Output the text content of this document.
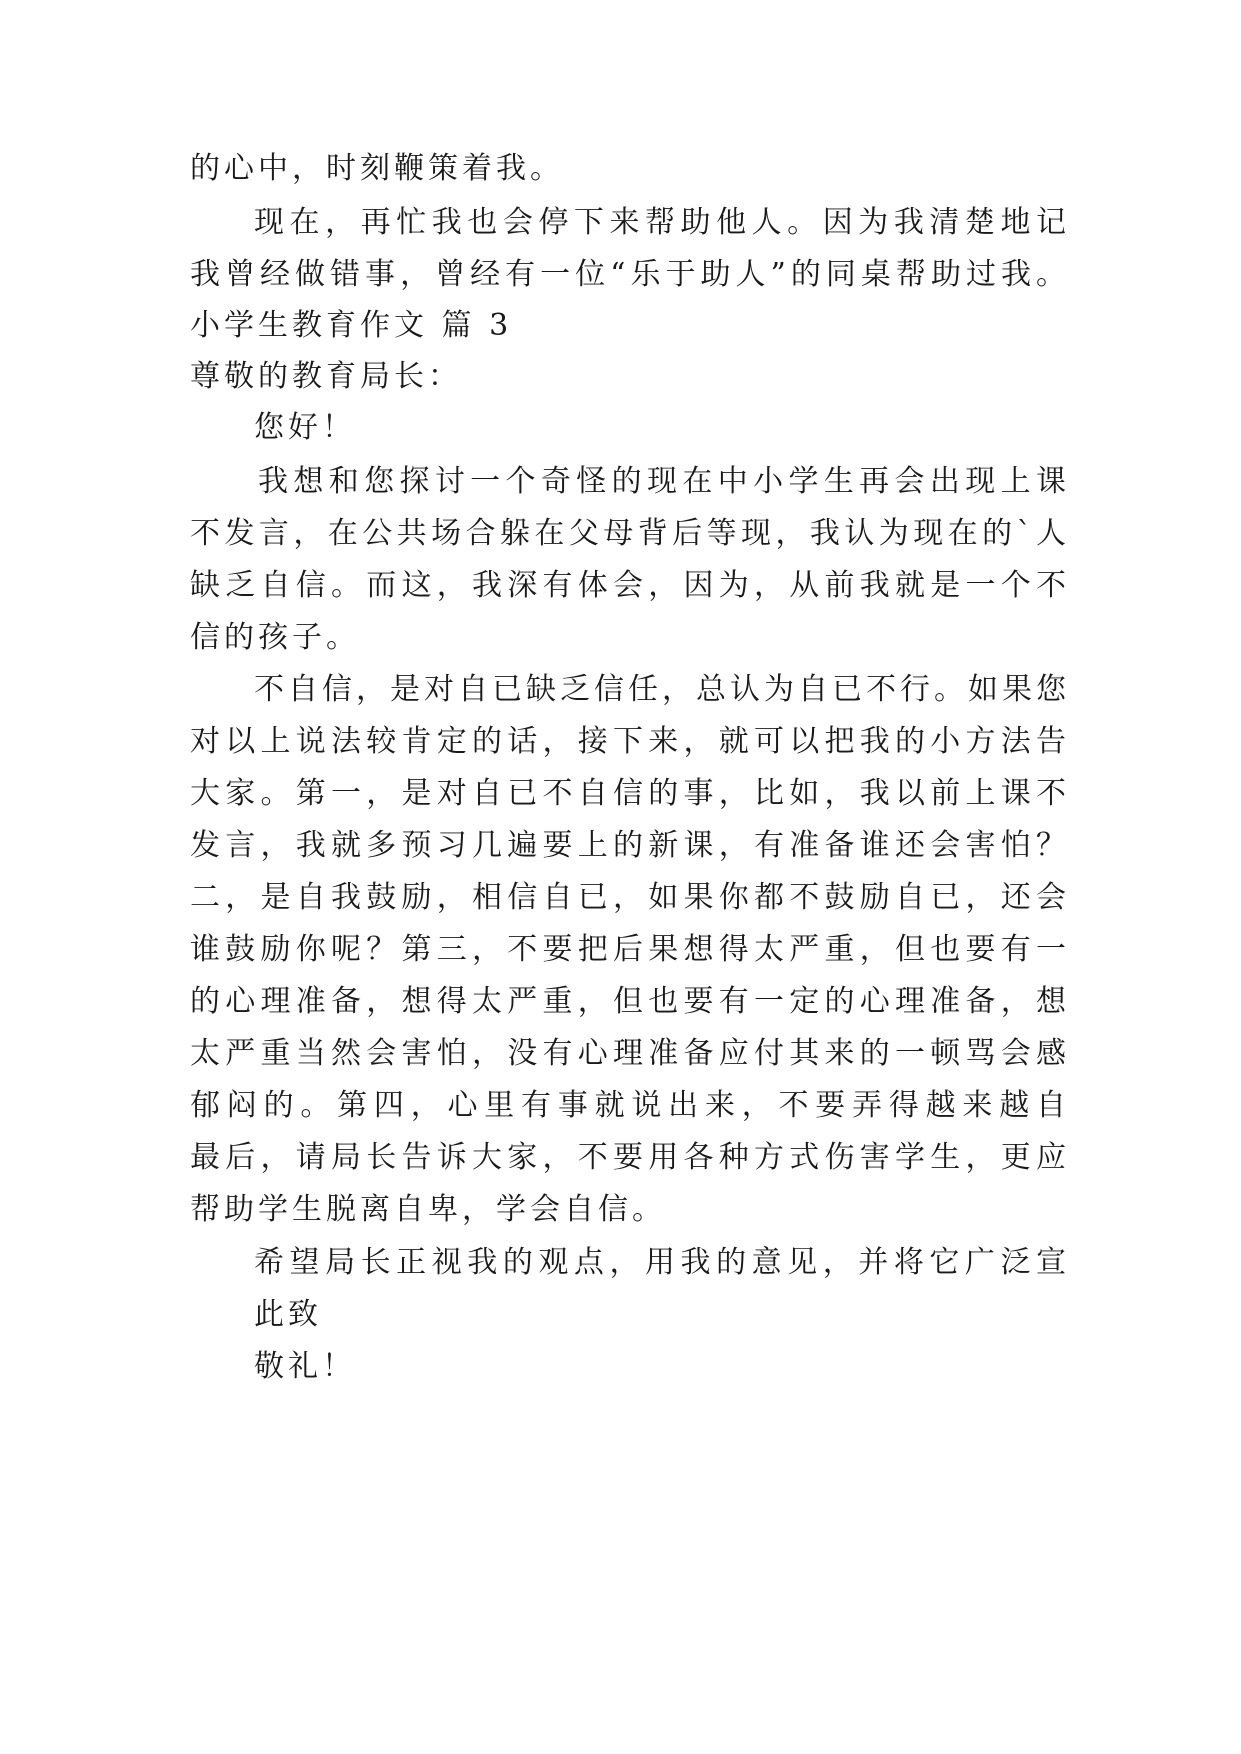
的心中，时刻鞭策着我。
现在，再忙我也会停下来帮助他人。因为我清楚地记
我曾经做错事，曾经有一位“乐于助人”的同桌帮助过我。
小学生教育作文 篇 3
尊敬的教育局长：
您好！
我想和您探讨一个奇怪的现在中小学生再会出现上课
不发言，在公共场合躲在父母背后等现，我认为现在的`人
缺乏自信。而这，我深有体会，因为，从前我就是一个不
信的孩子。
不自信，是对自已缺乏信任，总认为自已不行。如果您
对以上说法较肯定的话，接下来，就可以把我的小方法告
大家。第一，是对自已不自信的事，比如，我以前上课不
发言，我就多预习几遍要上的新课，有准备谁还会害怕？
二，是自我鼓励，相信自已，如果你都不鼓励自已，还会
谁鼓励你呢？第三，不要把后果想得太严重，但也要有一
的心理准备，想得太严重，但也要有一定的心理准备，想
太严重当然会害怕，没有心理准备应付其来的一顿骂会感
郁闷的。第四，心里有事就说出来，不要弄得越来越自
最后，请局长告诉大家，不要用各种方式伤害学生，更应
帮助学生脱离自卑，学会自信。
希望局长正视我的观点，用我的意见，并将它广泛宣
此致
敬礼！
